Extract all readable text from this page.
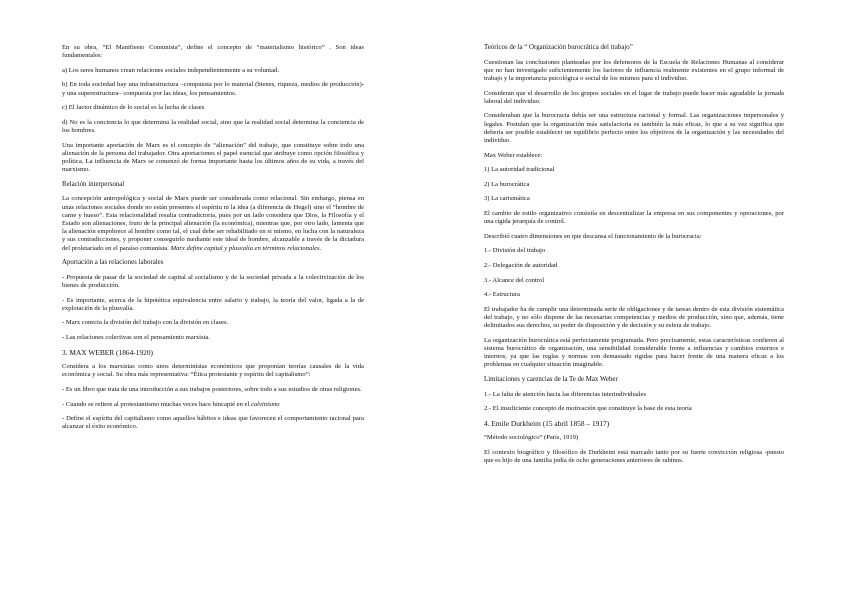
En su obra, “El Manifiesto Comunista”, define el concepto de “materialismo histórico” . Son ideas fundamentales:

a) Los seres humanos crean relaciones sociales independientemente a su voluntad.

b) En toda sociedad hay una infraestructura –compuesta por lo material (bienes, riqueza, medios de producción)- y una superestructura– compuesta por las ideas, los pensamientos.

c) El factor dinámico de lo social es la lucha de clases

d) No es la conciencia lo que determina la realidad social, sino que la realidad social determina la conciencia de los hombres.

Una importante aportación de Marx es el concepto de “alienación” del trabajo, que constituye sobre todo una alienación de la persona del trabajador. Otra aportaciones el papel esencial que atribuye como opción filosófica y política. La influencia de Marx se comenzó de forma importante hasta los últimos años de su vida, a través del marxismo.

Relación interpersonal

La concepción antropológica y social de Marx puede ser considerada como relacional. Sin embargo, piensa en unas relaciones sociales donde no están presentes el espíritu ni la idea (a diferencia de Hegel) sino el “hombre de carne y hueso”. Esta relacionalidad resulta contradictoria, pues por un lado considera que Dios, la Filosofía y el Estado son alienaciones, fruto de la principal alienación (la económica), mientras que, por otro lado, lamenta que la alienación empobrece al hombre como tal, el cual debe ser rehabilitado en si mismo, en lucha con la naturaleza y sus contradicciones, y proponer conseguirlo mediante este ideal de hombre, alcanzable a través de la dictadura del proletariado en el paraíso comunista. Marx define capital y plusvalía en términos relacionales.

Aportación a las relaciones laborales

- Propuesta de pasar de la sociedad de capital al socialismo y de la sociedad privada a la colectivización de los bienes de producción.

- Es importante, acerca de la hipotética equivalencia entre salario y trabajo, la teoría del valor, ligada a la de explotación de la plusvalía.

- Marx conecta la división del trabajo con la división en clases.

- Las relaciones colectivas son el pensamiento marxista.

3. MAX WEBER (1864-1920)

Considera a los marxistas como unos deterministas económicos que proponían teorías causales de la vida económica y social. Su obra más representativa: “Ética protestante y espíritu del capitalismo”:

- Es un libro que trata de una introducción a sus trabajos posteriores, sobre todo a sus estudios de otras religiones.

- Cuando se refiere al protestantismo muchas veces hace hincapié en el calvinismo

- Define el espíritu del capitalismo como aquellos hábitos e ideas que favorecen el comportamiento racional para alcanzar el éxito económico.

Teóricos de la “ Organización burocrática del trabajo”

Cuestionan las conclusiones planteadas por los defensores de la Escuela de Relaciones Humanas al considerar que no han investigado suficientemente los factores de influencia realmente existentes en el grupo informal de trabajo y la importancia psicológica o social de los mismos para el individuo.

Consideran que el desarrollo de los grupos sociales en el lugar de trabajo puede hacer más agradable la jornada laboral del individuo.

Consideraban que la burocracia debía ser una estructura racional y formal. Las organizaciones impersonales y legales. Postulan que la organización más satisfactoria es también la más eficaz, lo que a su vez significa que debería ser posible establecer un equilibrio perfecto entre los objetivos de la organización y las necesidades del individuo.

Max Weber establece:

1) La autoridad tradicional

2) La burocrática

3) La carismática

El cambio de estilo organizativo consistía en descentralizar la empresa en sus componentes y operaciones, por una rígida jerarquía de control.

Describió cuatro dimensiones en que descansa el funcionamiento de la burocracia:

1.- División del trabajo

2.- Delegación de autoridad

3.- Alcance del control

4.- Estructura

El trabajador ha de cumplir una determinada serie de obligaciones y de tareas dentro de esta división sistemática del trabajo, y no sólo dispone de las necesarias competencias y medios de producción, sino que, además, tiene delimitados sus derechos, su poder de disposición y de decisión y su esfera de trabajo.

La organización burocrática está perfectamente programada. Pero precisamente, estas características confieren al sistema burocrático de organización, una sensibilidad considerable frente a influencias y cambios externos e internos, ya que las reglas y normas son demasiado rígidas para hacer frente de una manera eficaz a los problemas en cualquier situación imaginable.

Limitaciones y carencias de la Te de Max Weber

1.- La falta de atención hacia las diferencias interindividuales

2.- El insuficiente concepto de motivación que constituye la base de esta teoría

4. Emile Durkheim (15 abril 1858 – 1917)

“Método sociológico” (París, 1919)

El contexto biográfico y filosófico de Durkheim está marcado tanto por su fuerte convicción religiosa -puesto que es hijo de una familia judía de ocho generaciones anteriores de rabinos.
